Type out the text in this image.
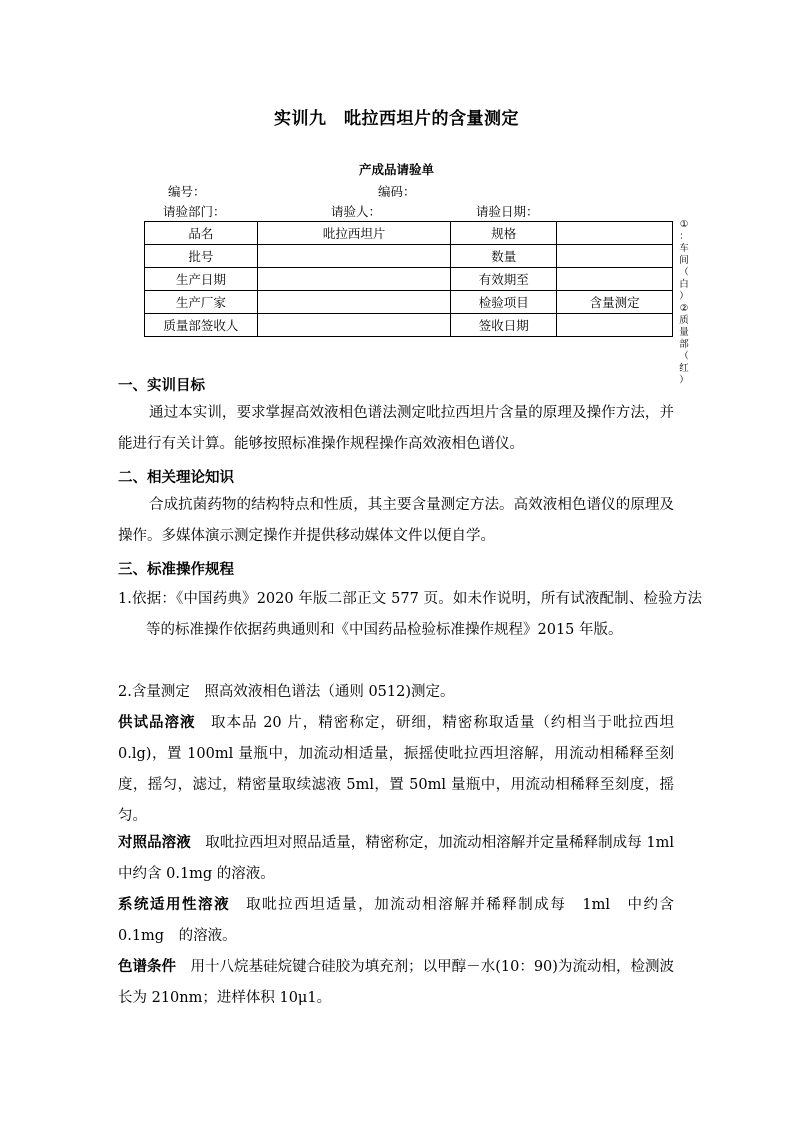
实训九　吡拉西坦片的含量测定
产成品请验单
编号：	编码：
请验部门：	请验人：	请验日期：
品名	吡拉西坦片	规格	
批号		数量	
生产日期		有效期至	
生产厂家		检验项目	含量测定
质量部签收人		签收日期	
①
：
车
间
（
白
）
②
质
量
部
（
红
）
一、实训目标
通过本实训，要求掌握高效液相色谱法测定吡拉西坦片含量的原理及操作方法，并能进行有关计算。能够按照标准操作规程操作高效液相色谱仪。
二、相关理论知识
合成抗菌药物的结构特点和性质，其主要含量测定方法。高效液相色谱仪的原理及操作。多媒体演示测定操作并提供移动媒体文件以便自学。
三、标准操作规程
1.依据：《中国药典》2020 年版二部正文 577 页。如未作说明，所有试液配制、检验方法等的标准操作依据药典通则和《中国药品检验标准操作规程》2015 年版。
2.含量测定　照高效液相色谱法（通则 0512)测定。
供试品溶液　取本品 20 片，精密称定，研细，精密称取适量（约相当于吡拉西坦 0.lg)，置 100ml 量瓶中，加流动相适量，振摇使吡拉西坦溶解，用流动相稀释至刻度，摇匀，滤过，精密量取续滤液 5ml，置 50ml 量瓶中，用流动相稀释至刻度，摇匀。
对照品溶液　取吡拉西坦对照品适量，精密称定，加流动相溶解并定量稀释制成每 1ml 中约含 0.1mg 的溶液。
系统适用性溶液　取吡拉西坦适量，加流动相溶解并稀释制成每　1ml　中约含 0.1mg　的溶液。
色谱条件　用十八烷基硅烷键合硅胶为填充剂；以甲醇－水(10：90)为流动相，检测波长为 210nm；进样体积 10μ1。
